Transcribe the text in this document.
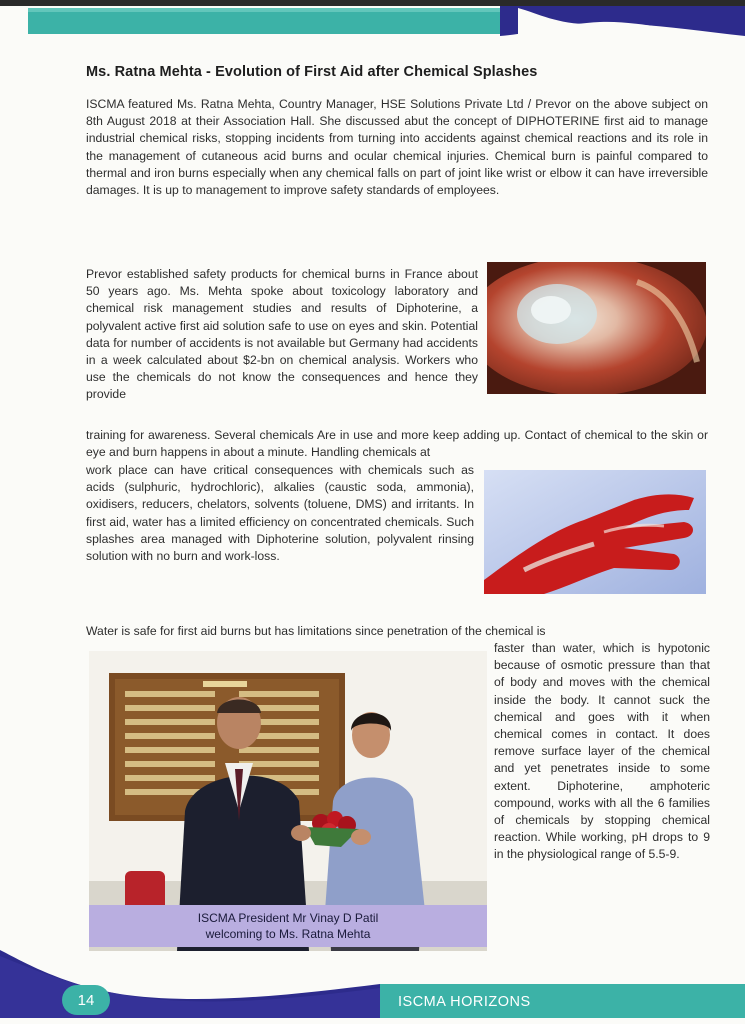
Ms. Ratna Mehta - Evolution of First Aid after Chemical Splashes

ISCMA featured Ms. Ratna Mehta, Country Manager, HSE Solutions Private Ltd / Prevor on the above subject on 8th August 2018 at their Association Hall. She discussed abut the concept of DIPHOTERINE first aid to manage industrial chemical risks, stopping incidents from turning into accidents against chemical reactions and its role in the management of cutaneous acid burns and ocular chemical injuries. Chemical burn is painful compared to thermal and iron burns especially when any chemical falls on part of joint like wrist or elbow it can have irreversible damages. It is up to management to improve safety standards of employees.

Prevor established safety products for chemical burns in France about 50 years ago. Ms. Mehta spoke about toxicology laboratory and chemical risk management studies and results of Diphoterine, a polyvalent active first aid solution safe to use on eyes and skin. Potential data for number of accidents is not available but Germany had accidents in a week calculated about $2-bn on chemical analysis. Workers who use the chemicals do not know the consequences and hence they provide

training for awareness. Several chemicals Are in use and more keep adding up. Contact of chemical to the skin or eye and burn happens in about a minute. Handling chemicals at

work place can have critical consequences with chemicals such as acids (sulphuric, hydrochloric), alkalies (caustic soda, ammonia), oxidisers, reducers, chelators, solvents (toluene, DMS) and irritants. In first aid, water has a limited efficiency on concentrated chemicals. Such splashes area managed with Diphoterine solution, polyvalent rinsing solution with no burn and work-loss.

Water is safe for first aid burns but has limitations since penetration of the chemical is

ISCMA President Mr Vinay D Patil
welcoming to Ms. Ratna Mehta

faster than water, which is hypotonic because of osmotic pressure than that of body and moves with the chemical inside the body. It cannot suck the chemical and goes with it when chemical comes in contact. It does remove surface layer of the chemical and yet penetrates inside to some extent. Diphoterine, amphoteric compound, works with all the 6 families of chemicals by stopping chemical reaction. While working, pH drops to 9 in the physiological range of 5.5-9.

14	ISCMA HORIZONS
